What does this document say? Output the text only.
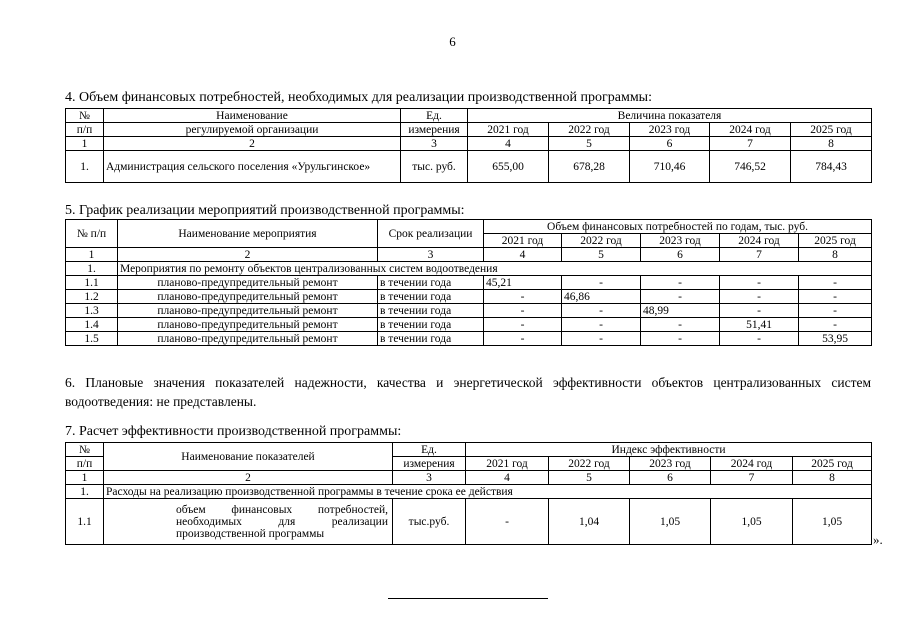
6
4. Объем финансовых потребностей, необходимых для реализации производственной программы:
№	Наименование	Ед.	Величина показателя				
п/п	регулируемой организации	измерения	2021 год	2022 год	2023 год	2024 год	2025 год
1	2	3	4	5	6	7	8
1.	Администрация сельского поселения «Урульгинское»	тыс. руб.	655,00	678,28	710,46	746,52	784,43
5. График реализации мероприятий производственной программы:
№ п/п	Наименование мероприятия	Срок реализации	Объем финансовых потребностей по годам, тыс. руб.				
			2021 год	2022 год	2023 год	2024 год	2025 год
1	2	3	4	5	6	7	8
1.	Мероприятия по ремонту объектов централизованных систем водоотведения						
1.1	планово-предупредительный ремонт	в течении года	45,21	-	-	-	-
1.2	планово-предупредительный ремонт	в течении года	-	46,86	-	-	-
1.3	планово-предупредительный ремонт	в течении года	-	-	48,99	-	-
1.4	планово-предупредительный ремонт	в течении года	-	-	-	51,41	-
1.5	планово-предупредительный ремонт	в течении года	-	-	-	-	53,95
6. Плановые значения показателей надежности, качества и энергетической эффективности объектов централизованных систем водоотведения: не представлены.
7. Расчет эффективности производственной программы:
№	Наименование показателей	Ед.	Индекс эффективности				
п/п		измерения	2021 год	2022 год	2023 год	2024 год	2025 год
1	2	3	4	5	6	7	8
1.	Расходы на реализацию производственной программы в течение срока ее действия						
1.1	объем финансовых потребностей,
необходимых для реализации
производственной программы	тыс.руб.	-	1,04	1,05	1,05	1,05
».
